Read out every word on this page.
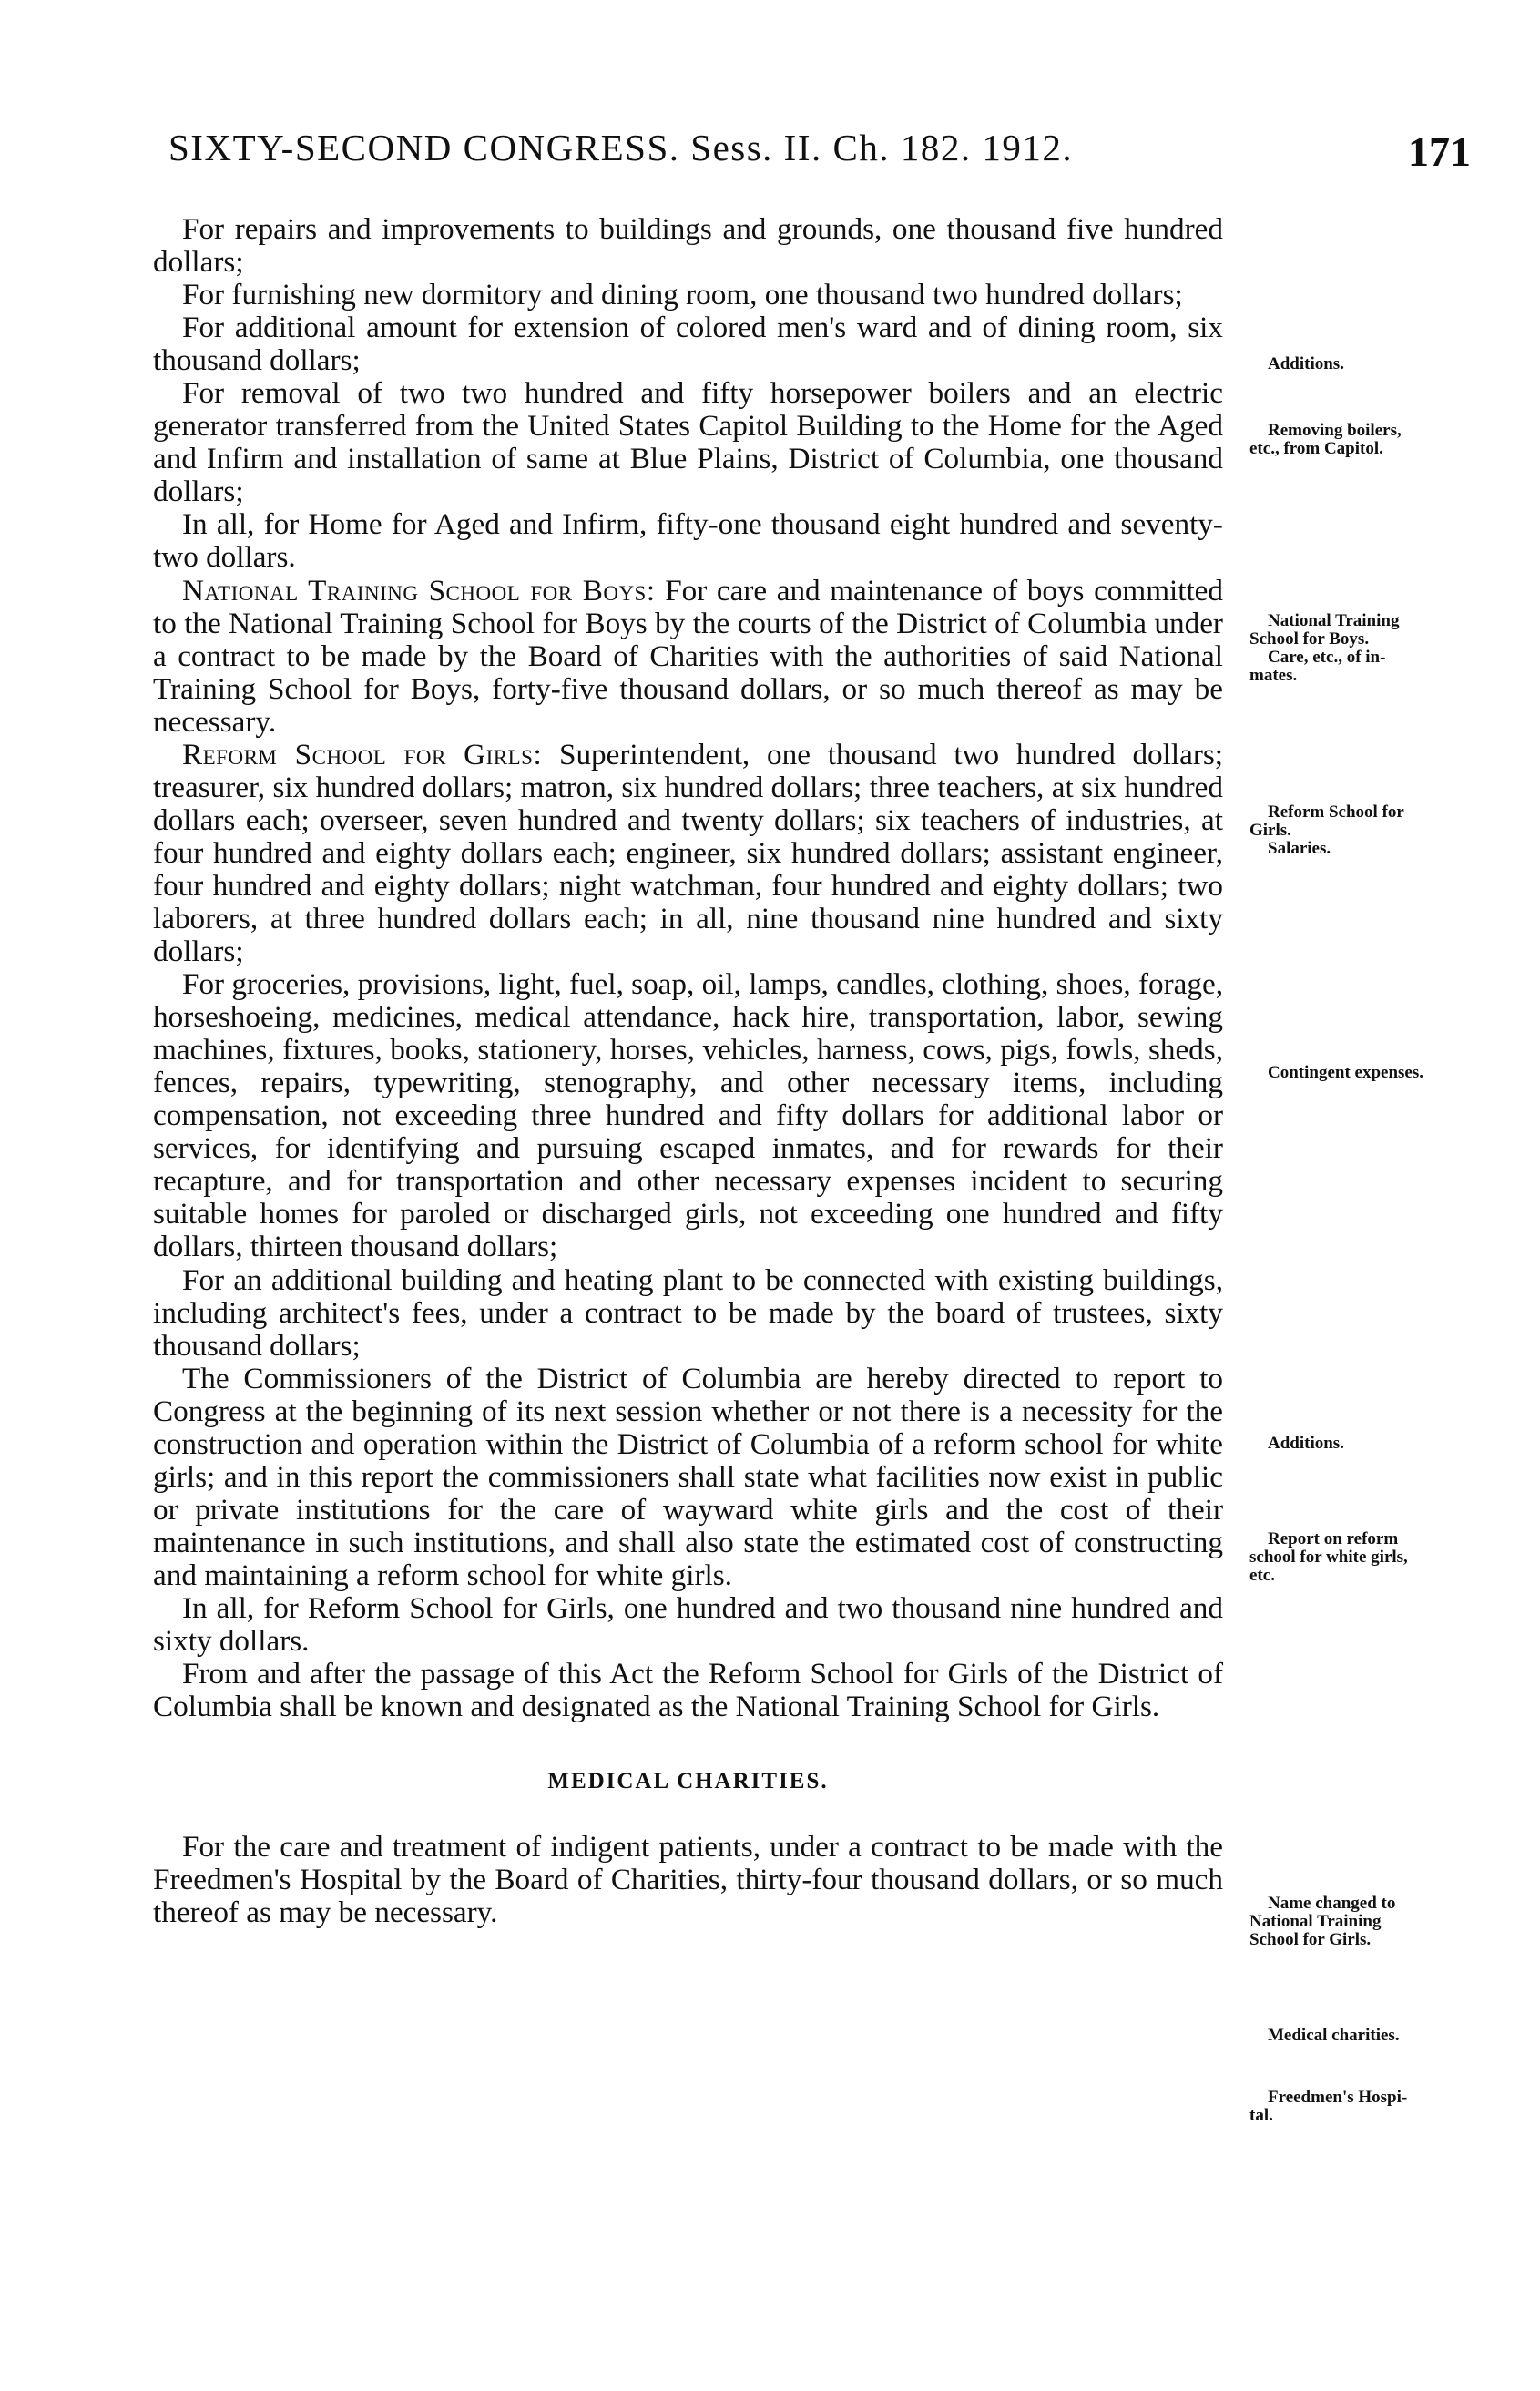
SIXTY-SECOND CONGRESS. Sess. II. Ch. 182. 1912.	171

For repairs and improvements to buildings and grounds, one thousand five hundred dollars;

For furnishing new dormitory and dining room, one thousand two hundred dollars;

For additional amount for extension of colored men's ward and of dining room, six thousand dollars;

For removal of two two hundred and fifty horsepower boilers and an electric generator transferred from the United States Capitol Building to the Home for the Aged and Infirm and installation of same at Blue Plains, District of Columbia, one thousand dollars;

In all, for Home for Aged and Infirm, fifty-one thousand eight hundred and seventy-two dollars.

National Training School for Boys: For care and maintenance of boys committed to the National Training School for Boys by the courts of the District of Columbia under a contract to be made by the Board of Charities with the authorities of said National Training School for Boys, forty-five thousand dollars, or so much thereof as may be necessary.

Reform School for Girls: Superintendent, one thousand two hundred dollars; treasurer, six hundred dollars; matron, six hundred dollars; three teachers, at six hundred dollars each; overseer, seven hundred and twenty dollars; six teachers of industries, at four hundred and eighty dollars each; engineer, six hundred dollars; assistant engineer, four hundred and eighty dollars; night watchman, four hundred and eighty dollars; two laborers, at three hundred dollars each; in all, nine thousand nine hundred and sixty dollars;

For groceries, provisions, light, fuel, soap, oil, lamps, candles, clothing, shoes, forage, horseshoeing, medicines, medical attendance, hack hire, transportation, labor, sewing machines, fixtures, books, stationery, horses, vehicles, harness, cows, pigs, fowls, sheds, fences, repairs, typewriting, stenography, and other necessary items, including compensation, not exceeding three hundred and fifty dollars for additional labor or services, for identifying and pursuing escaped inmates, and for rewards for their recapture, and for transportation and other necessary expenses incident to securing suitable homes for paroled or discharged girls, not exceeding one hundred and fifty dollars, thirteen thousand dollars;

For an additional building and heating plant to be connected with existing buildings, including architect's fees, under a contract to be made by the board of trustees, sixty thousand dollars;

The Commissioners of the District of Columbia are hereby directed to report to Congress at the beginning of its next session whether or not there is a necessity for the construction and operation within the District of Columbia of a reform school for white girls; and in this report the commissioners shall state what facilities now exist in public or private institutions for the care of wayward white girls and the cost of their maintenance in such institutions, and shall also state the estimated cost of constructing and maintaining a reform school for white girls.

In all, for Reform School for Girls, one hundred and two thousand nine hundred and sixty dollars.

From and after the passage of this Act the Reform School for Girls of the District of Columbia shall be known and designated as the National Training School for Girls.

MEDICAL CHARITIES.

For the care and treatment of indigent patients, under a contract to be made with the Freedmen's Hospital by the Board of Charities, thirty-four thousand dollars, or so much thereof as may be necessary.

Additions.
Removing boilers,
etc., from Capitol.
National Training
School for Boys.
Care, etc., of in-
mates.
Reform School for
Girls.
Salaries.
Contingent expenses.
Additions.
Report on reform
school for white girls,
etc.
Name changed to
National Training
School for Girls.
Medical charities.
Freedmen's Hospi-
tal.
